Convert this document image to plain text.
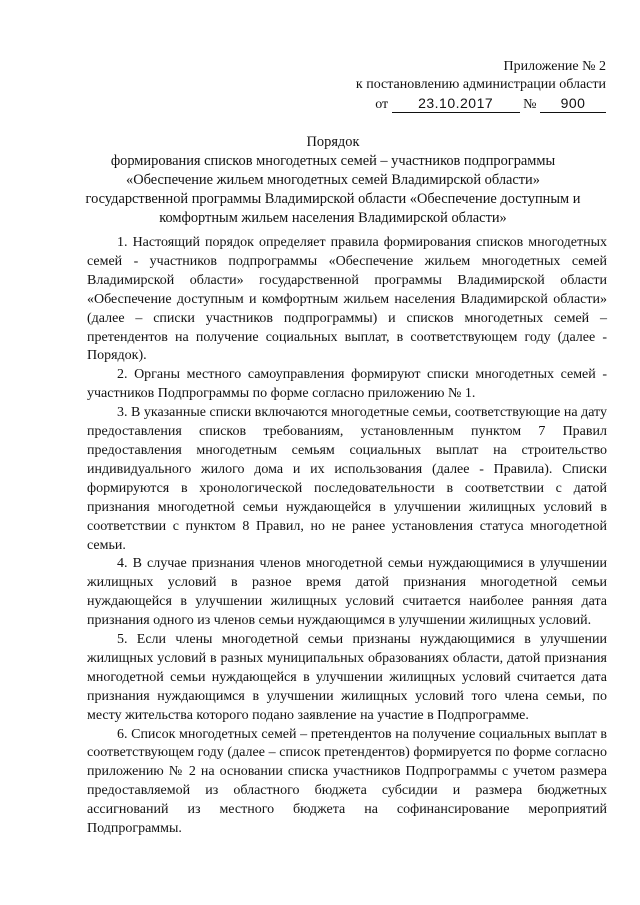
Приложение № 2
к постановлению администрации области
от 23.10.2017 № 900
Порядок
формирования списков многодетных семей – участников подпрограммы
«Обеспечение жильем многодетных семей Владимирской области»
государственной программы Владимирской области «Обеспечение доступным и
комфортным жильем населения Владимирской области»

1. Настоящий порядок определяет правила формирования списков многодетных семей - участников подпрограммы «Обеспечение жильем многодетных семей Владимирской области» государственной программы Владимирской области «Обеспечение доступным и комфортным жильем населения Владимирской области» (далее – списки участников подпрограммы) и списков многодетных семей – претендентов на получение социальных выплат, в соответствующем году (далее - Порядок).

2. Органы местного самоуправления формируют списки многодетных семей - участников Подпрограммы по форме согласно приложению № 1.

3. В указанные списки включаются многодетные семьи, соответствующие на дату предоставления списков требованиям, установленным пунктом 7 Правил предоставления многодетным семьям социальных выплат на строительство индивидуального жилого дома и их использования (далее - Правила). Списки формируются в хронологической последовательности в соответствии с датой признания многодетной семьи нуждающейся в улучшении жилищных условий в соответствии с пунктом 8 Правил, но не ранее установления статуса многодетной семьи.

4. В случае признания членов многодетной семьи нуждающимися в улучшении жилищных условий в разное время датой признания многодетной семьи нуждающейся в улучшении жилищных условий считается наиболее ранняя дата признания одного из членов семьи нуждающимся в улучшении жилищных условий.

5. Если члены многодетной семьи признаны нуждающимися в улучшении жилищных условий в разных муниципальных образованиях области, датой признания многодетной семьи нуждающейся в улучшении жилищных условий считается дата признания нуждающимся в улучшении жилищных условий того члена семьи, по месту жительства которого подано заявление на участие в Подпрограмме.

6. Список многодетных семей – претендентов на получение социальных выплат в соответствующем году (далее – список претендентов) формируется по форме согласно приложению № 2 на основании списка участников Подпрограммы с учетом размера предоставляемой из областного бюджета субсидии и размера бюджетных ассигнований из местного бюджета на софинансирование мероприятий Подпрограммы.
